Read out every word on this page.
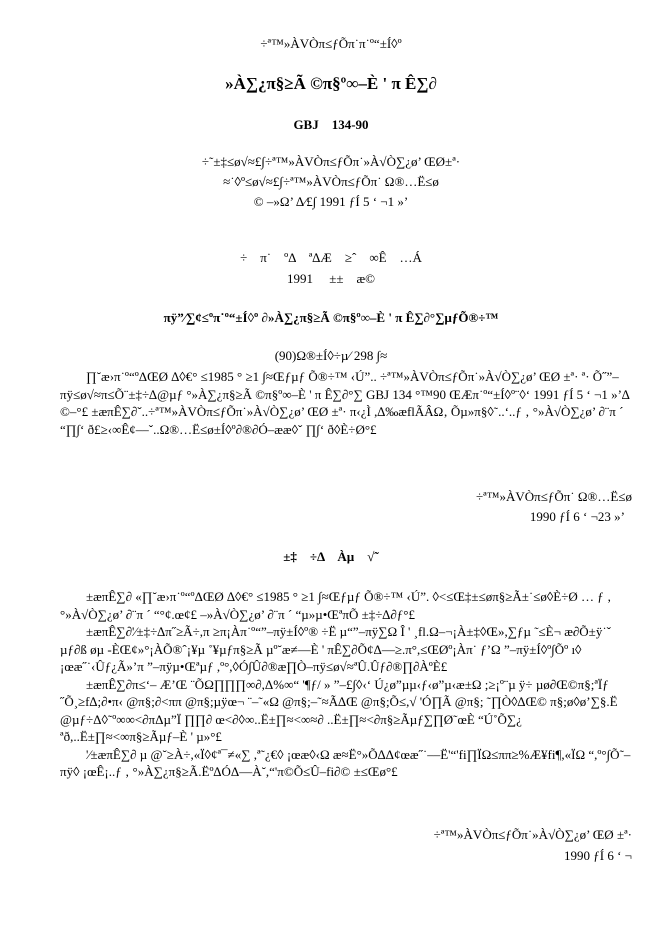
÷ª™»ÀVÒπ≤ƒÕπ˙π˙º“±Í◊º
»À∑¿π§≥Ã ©π§º∞–È ' π Ê∑∂
GBJ　134-90
÷˜±‡≤ø√≈£∫÷ª™»ÀVÒπ≤ƒÕπ˙»À√Ò∑¿ø’ ŒØ±ª·
≈˙◊º≤ø√≈£∫÷ª™»ÀVÒπ≤ƒÕπ˙ Ω®…Ë≤ø
© –»Ω’ ∆⁄£∫ 1991 ƒÍ 5 ‘ ¬1 »’
÷　π˙　ºΔ　ª∆Æ　≥ˆ　∞Ê　…Á
1991　 ±±　æ©
πÿ”⁄∑¢≤ºπ˙º“±Í◊º ∂»À∑¿π§≥Ã ©π§º∞–È ' π Ê∑∂°∑µƒÕ®÷™
(90)Ω®±Í◊÷µ⁄ 298 ∫≈

∏˘æ›π˙º“ºΔŒØ ∆◊€° ≤1985 ° ≥1 ∫≈Œƒµƒ Õ®÷™ ‹Ú”.. ÷ª™»ÀVÒπ≤ƒÕπ˙»À√Ò∑¿ø’ ŒØ ±ª· ª· Õ˝”–πÿ≤ø√≈π≤Õ¨±‡÷∆@µƒ °»À∑¿π§≥Ã ©π§º∞–È ' π Ê∑∂°∑ GBJ 134 °™90 ŒÆπ˙º“±Í◊º¨◊‘ 1991 ƒÍ 5 ‘ ¬1 »’∆ ©–°£ ±æπÊ∑∂ˇ..÷ª™»ÀVÒπ≤ƒÕπ˙»À√Ò∑¿ø’ ŒØ ±ª· π‹¿Ì ,∆‰æflÃÂΩ‚ Õµ»π§◊˜..‘..ƒ ‚ °»À√Ò∑¿ø’ ∂¨π ´ “∏∫‘ ð£≥‹∞Ê¢––ˇ..Ω®…Ë≤ø±Í◊º∂®∂Ó–ææ◊ˇ ∏∫‘ ð◊È÷Ø°£

÷ª™»ÀVÒπ≤ƒÕπ˙ Ω®…Ë≤ø
1990 ƒÍ 6 ‘ ¬23 »’
±‡　÷Δ　Àµ　√˜

±æπÊ∑∂ «∏˘æ›π˙º“ºΔŒØ ∆◊€° ≤1985 ° ≥1 ∫≈Œƒµƒ Õ®÷™ ‹Ú”. ◊<≤Œ‡±≤øπ§≥Ã±˙≤ø◊È÷Ø … ƒ ‚ °»À√Ò∑¿ø’ ∂¨π ´ “°¢.œ¢£ –»À√Ò∑¿ø’ ∂¨π ´ “µ»µ•ŒªπÕ ±‡÷∆∂ƒ°£

±æπÊ∑∂'⁄±‡÷∆π˝≥Ã÷,π ≥π¡Àπ˙º“”–πÿ±Í◊º® ÷Ë µ“”–πÿ∑Ω Î ' ¸fl.Ω–¬¡À±‡◊Œ»,∑ƒµ ˜≤È¬ æ∂Õ±ÿ˙ˇ µƒ∂ß øµ -ÈŒ¢»°¡ÀÕ®ˆ¡¥µ ˚¥µƒπ§≥Ã µº˘æ≠—È ' πÊ∑∂Õ¢Δ—≥.π°,≤ŒØº¡Àπ˙ ƒ’Ω ”–πÿ±Í◊º∫Õº ı◊ ¡œæ˝˙‹Ûƒ¿Ã»’π ”–πÿµ•Œªµƒ ,º°,◊Ó∫Û∂®æ∏Ò–πÿ≤ø√≈ªÛ.Ûƒ∂®∏∂ÀºÈ£

±æπÊ∑∂π≤‘– Æ’Œ ¨ÕΩ∏∏∏∞∂,Δ%∞“ '¶ƒ/ » ”–£∫◊‹‘ Ú¿ø”µµ‹ƒ‹ø”µ‹æ±Ω ;≥¡º¨µ ÿ÷ µø∂Œ©π§;ªÏƒ ˝Õ¸≥f∆;∂•π‹ @π§;∂<ππ @π§;µÿœ¬ ¨–˜«Ω @π§;–˜≈Ã∆Œ @π§;Õ≤,√ 'Ó∏Ã @π§; ˜∏Ò◊∆Œ© π§;ø◊ø’∑§.Ë @µƒ÷Δ◊˜º∞∞<∂πΔµ”Ï ∏∏∂ œ<∂◊∞..Ë±∏≈<∞≈∂ ..Ë±∏≈<∂π§≥Ãµƒ∑∏Ø˜œÈ “Ú˚Õ∑¿ ªð,..Ë±∏≈<∞π§≥Ãµƒ–È ' µ»°£

'⁄±æπÊ∑∂ µ @˘≥À÷,«Ï◊¢ª¯≠«∑ ,ª˜¿€◊ ¡œæ◊‹Ω æ≈Ë°»Õ∆Δ¢œæ˝˙––Ë'“'fi∏ÏΩ≤ππ≥%Æ¥fi¶,«ÏΩ “,º°∫Õ˜–πÿ◊ ¡œÊ¡..ƒ ‚ °»À∑¿π§≥Ã.Ëº∆ÓΔ—À˘,“'π©Õ≤Û–fi∂© ±≤Œø°£

÷ª™»ÀVÒπ≤ƒÕπ˙»À√Ò∑¿ø’ ŒØ ±ª·
1990 ƒÍ 6 ‘ ¬
